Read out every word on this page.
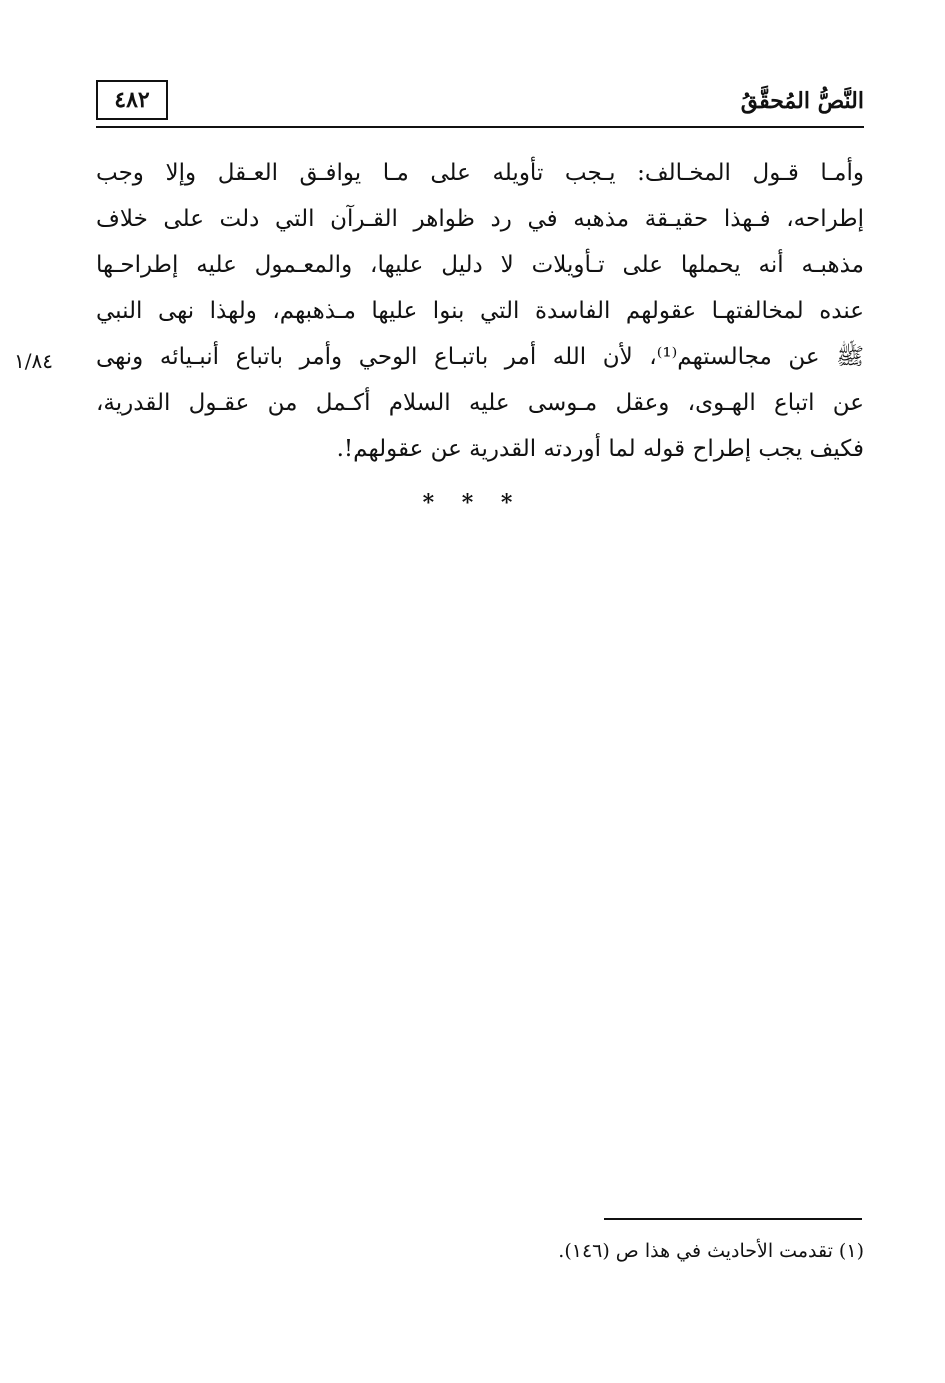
٤٨٢	النَّصُّ المُحقَّقُ
وأمـا قـول المخـالف: يـجب تأويله على مـا يوافـق العـقل وإلا وجب
إطراحه، فـهذا حقيـقة مذهبه في رد ظواهر القـرآن التي دلت على خلاف
مذهبـه أنه يحملها على تـأويلات لا دليل عليها، والمعـمول عليه إطراحـها
عنده لمخالفتهـا عقولهم الفاسدة التي بنوا عليها مـذهبهم، ولهذا نهى النبي
ﷺ عن مجالستهم⁽¹⁾، لأن الله أمر باتبـاع الوحي وأمر باتباع أنبـيائه ونهى
عن اتباع الهـوى، وعقل مـوسى عليه السلام أكـمل من عقـول القدرية،
فكيف يجب إطراح قوله لما أوردته القدرية عن عقولهم!.
١/٨٤
* * *
(١) تقدمت الأحاديث في هذا ص (١٤٦).
